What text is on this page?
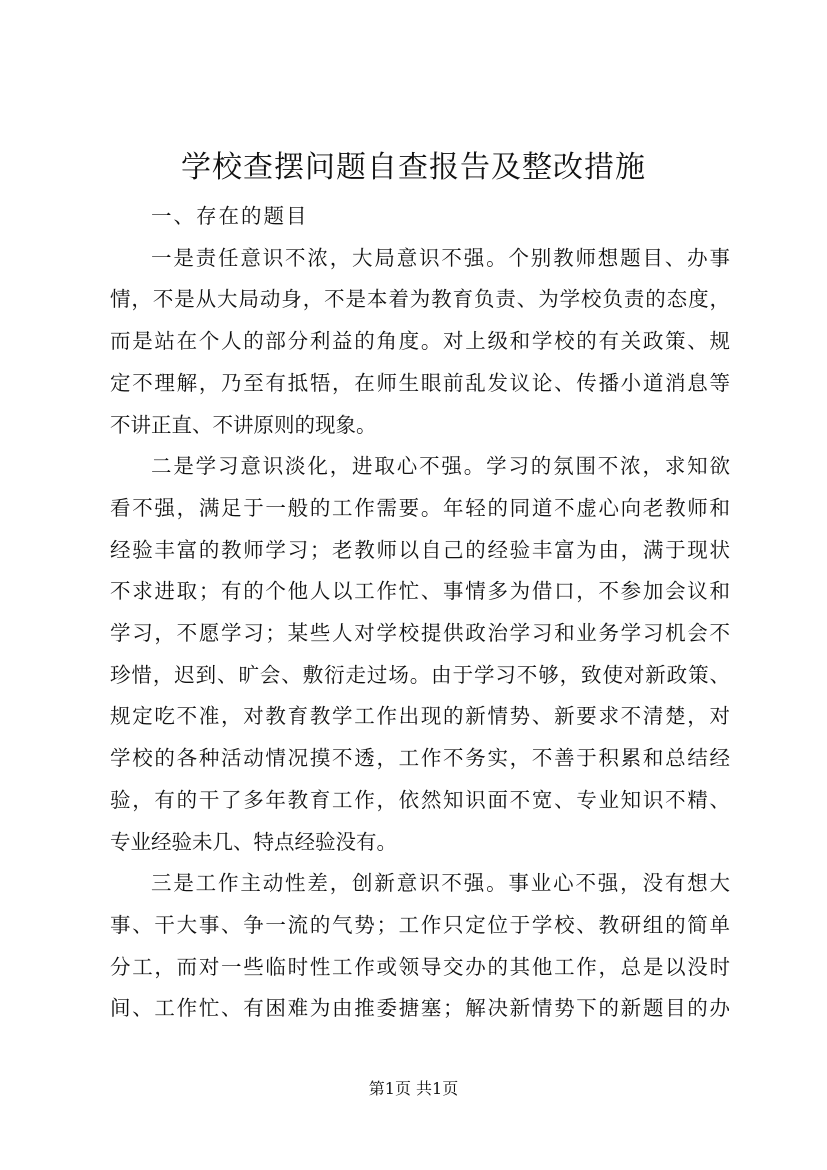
学校查摆问题自查报告及整改措施
一、存在的题目

一是责任意识不浓，大局意识不强。个别教师想题目、办事
情，不是从大局动身，不是本着为教育负责、为学校负责的态度，
而是站在个人的部分利益的角度。对上级和学校的有关政策、规
定不理解，乃至有抵牾，在师生眼前乱发议论、传播小道消息等
不讲正直、不讲原则的现象。

二是学习意识淡化，进取心不强。学习的氛围不浓，求知欲
看不强，满足于一般的工作需要。年轻的同道不虚心向老教师和
经验丰富的教师学习；老教师以自己的经验丰富为由，满于现状
不求进取；有的个他人以工作忙、事情多为借口，不参加会议和
学习，不愿学习；某些人对学校提供政治学习和业务学习机会不
珍惜，迟到、旷会、敷衍走过场。由于学习不够，致使对新政策、
规定吃不准，对教育教学工作出现的新情势、新要求不清楚，对
学校的各种活动情况摸不透，工作不务实，不善于积累和总结经
验，有的干了多年教育工作，依然知识面不宽、专业知识不精、
专业经验未几、特点经验没有。

三是工作主动性差，创新意识不强。事业心不强，没有想大
事、干大事、争一流的气势；工作只定位于学校、教研组的简单
分工，而对一些临时性工作或领导交办的其他工作，总是以没时
间、工作忙、有困难为由推委搪塞；解决新情势下的新题目的办

第1页 共1页
